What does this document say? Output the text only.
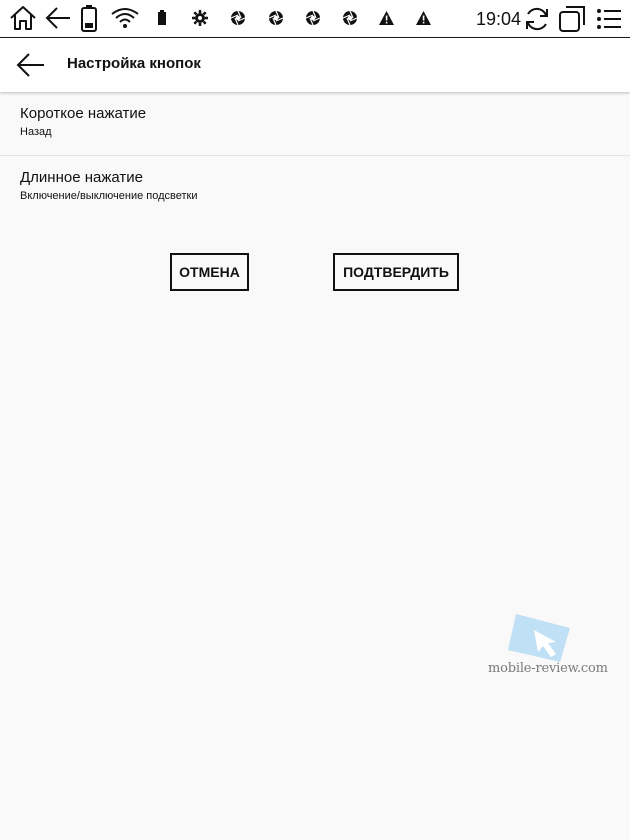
19:04
Настройка кнопок
Короткое нажатие
Назад
Длинное нажатие
Включение/выключение подсветки
ОТМЕНА	ПОДТВЕРДИТЬ
mobile-review.com
